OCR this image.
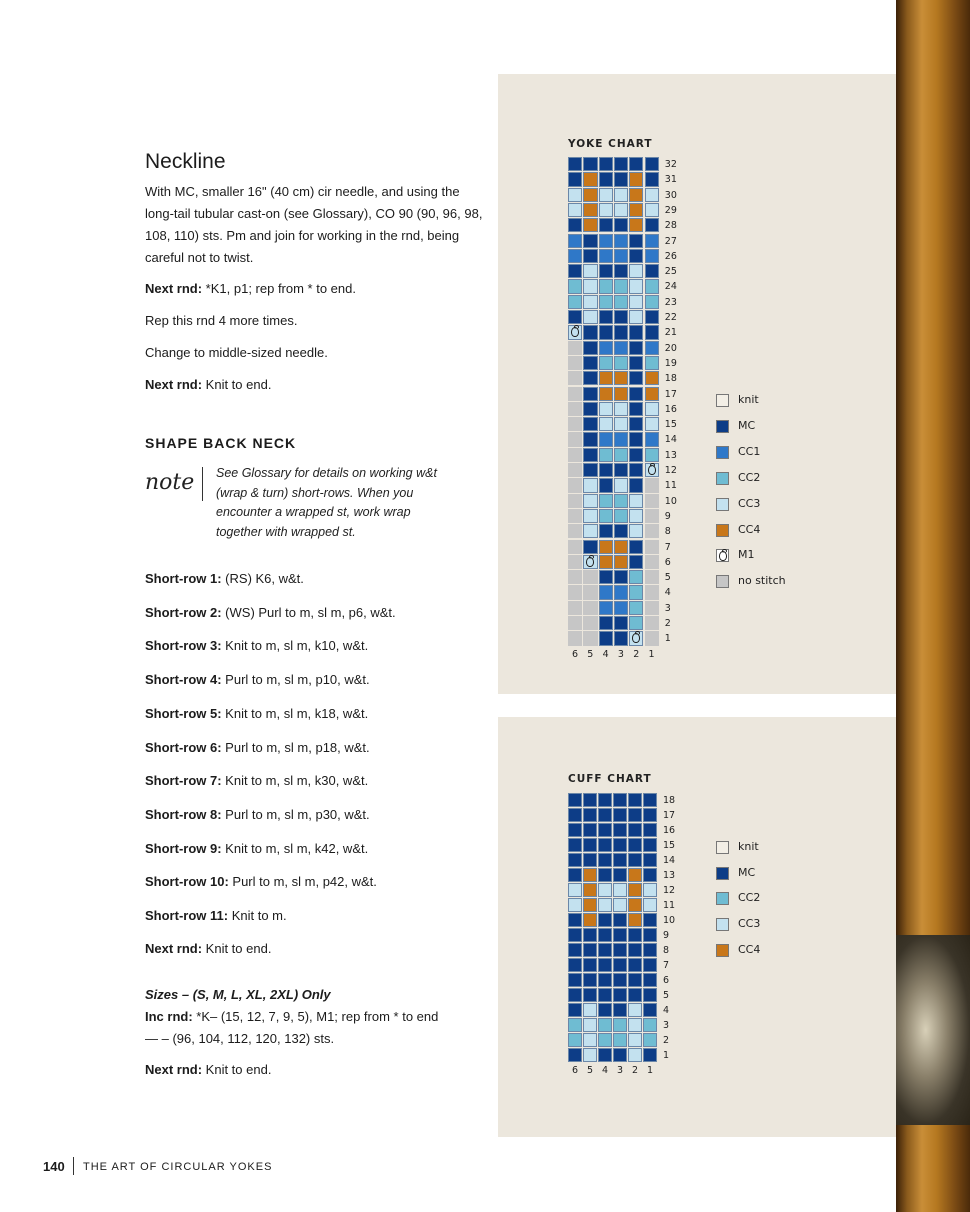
Neckline
With MC, smaller 16" (40 cm) cir needle, and using the long-tail tubular cast-on (see Glossary), CO 90 (90, 96, 98, 108, 110) sts. Pm and join for working in the rnd, being careful not to twist.
Next rnd: *K1, p1; rep from * to end.
Rep this rnd 4 more times.
Change to middle-sized needle.
Next rnd: Knit to end.
SHAPE BACK NECK
note See Glossary for details on working w&t (wrap & turn) short-rows. When you encounter a wrapped st, work wrap together with wrapped st.
Short-row 1: (RS) K6, w&t.
Short-row 2: (WS) Purl to m, sl m, p6, w&t.
Short-row 3: Knit to m, sl m, k10, w&t.
Short-row 4: Purl to m, sl m, p10, w&t.
Short-row 5: Knit to m, sl m, k18, w&t.
Short-row 6: Purl to m, sl m, p18, w&t.
Short-row 7: Knit to m, sl m, k30, w&t.
Short-row 8: Purl to m, sl m, p30, w&t.
Short-row 9: Knit to m, sl m, k42, w&t.
Short-row 10: Purl to m, sl m, p42, w&t.
Short-row 11: Knit to m.
Next rnd: Knit to end.
Sizes – (S, M, L, XL, 2XL) Only
Inc rnd: *K– (15, 12, 7, 9, 5), M1; rep from * to end— – (96, 104, 112, 120, 132) sts.
Next rnd: Knit to end.
140 THE ART OF CIRCULAR YOKES
YOKE CHART
CUFF CHART
32
31
30
29
28
27
26
25
24
23
22
21
20
19
18
17
16
15
14
13
12
11
10
9
8
7
6
5
4
3
2
1
6 5 4 3 2 1
knit
MC
CC1
CC2
CC3
CC4
M1
no stitch
18
17
16
15
14
13
12
11
10
9
8
7
6
5
4
3
2
1
6 5 4 3 2 1
knit
MC
CC2
CC3
CC4
